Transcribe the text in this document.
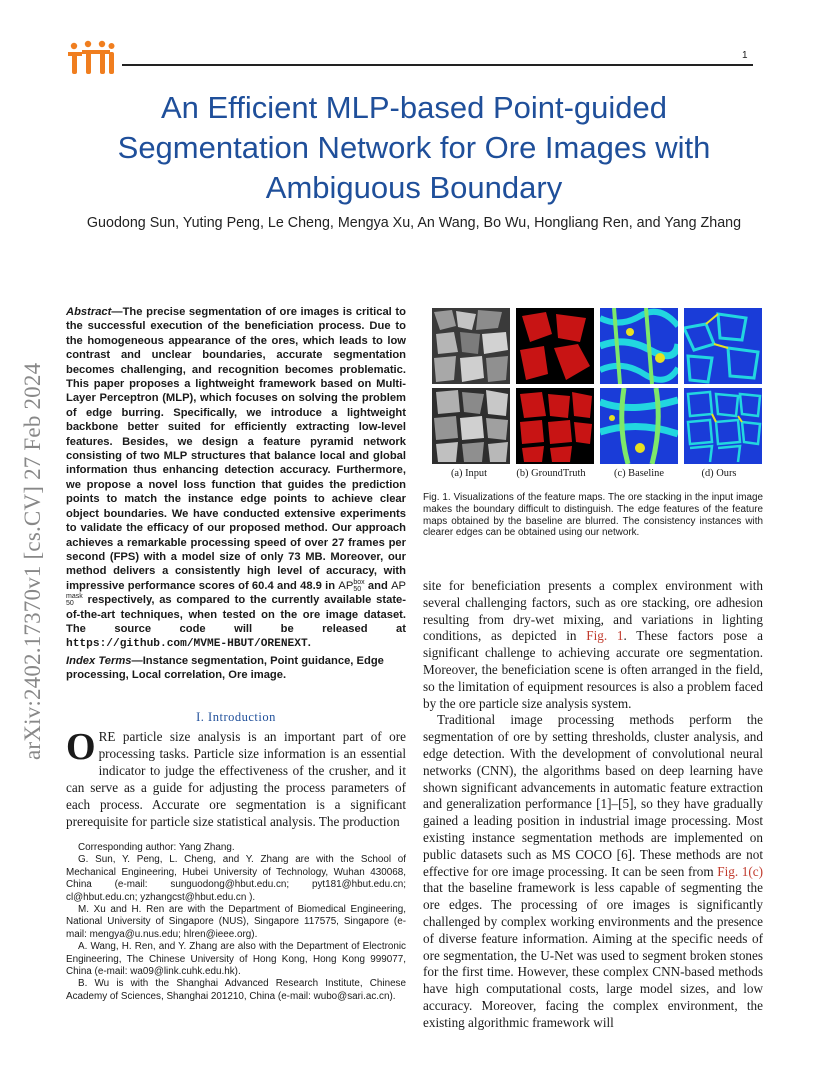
1
An Efficient MLP-based Point-guided Segmentation Network for Ore Images with Ambiguous Boundary
Guodong Sun, Yuting Peng, Le Cheng, Mengya Xu, An Wang, Bo Wu, Hongliang Ren, and Yang Zhang
arXiv:2402.17370v1 [cs.CV] 27 Feb 2024
Abstract—The precise segmentation of ore images is critical to the successful execution of the beneficiation process. Due to the homogeneous appearance of the ores, which leads to low contrast and unclear boundaries, accurate segmentation becomes challenging, and recognition becomes problematic. This paper proposes a lightweight framework based on Multi-Layer Perceptron (MLP), which focuses on solving the problem of edge burring. Specifically, we introduce a lightweight backbone better suited for efficiently extracting low-level features. Besides, we design a feature pyramid network consisting of two MLP structures that balance local and global information thus enhancing detection accuracy. Furthermore, we propose a novel loss function that guides the prediction points to match the instance edge points to achieve clear object boundaries. We have conducted extensive experiments to validate the efficacy of our proposed method. Our approach achieves a remarkable processing speed of over 27 frames per second (FPS) with a model size of only 73 MB. Moreover, our method delivers a consistently high level of accuracy, with impressive performance scores of 60.4 and 48.9 in AP box
50 and AP
mask
50 respectively, as compared to the currently available state-of-the-art techniques, when tested on the ore image dataset. The source code will be released at https://github.com/MVME-HBUT/ORENEXT.
Index Terms—Instance segmentation, Point guidance, Edge processing, Local correlation, Ore image.
I. Introduction
ORE particle size analysis is an important part of ore processing tasks. Particle size information is an essential indicator to judge the effectiveness of the crusher, and it can serve as a guide for adjusting the process parameters of each process. Accurate ore segmentation is a significant prerequisite for particle size statistical analysis. The production

Corresponding author: Yang Zhang.

G. Sun, Y. Peng, L. Cheng, and Y. Zhang are with the School of Mechanical Engineering, Hubei University of Technology, Wuhan 430068, China (e-mail: sunguodong@hbut.edu.cn; pyt181@hbut.edu.cn; cl@hbut.edu.cn; yzhangcst@hbut.edu.cn ).

M. Xu and H. Ren are with the Department of Biomedical Engineering, National University of Singapore (NUS), Singapore 117575, Singapore (e-mail: mengya@u.nus.edu; hlren@ieee.org).

A. Wang, H. Ren, and Y. Zhang are also with the Department of Electronic Engineering, The Chinese University of Hong Kong, Hong Kong 999077, China (e-mail: wa09@link.cuhk.edu.hk).

B. Wu is with the Shanghai Advanced Research Institute, Chinese Academy of Sciences, Shanghai 201210, China (e-mail: wubo@sari.ac.cn).

(a) Input	(b) GroundTruth	(c) Baseline	(d) Ours
Fig. 1. Visualizations of the feature maps. The ore stacking in the input image makes the boundary difficult to distinguish. The edge features of the feature maps obtained by the baseline are blurred. The consistency instances with clearer edges can be obtained using our network.

site for beneficiation presents a complex environment with several challenging factors, such as ore stacking, ore adhesion resulting from dry-wet mixing, and variations in lighting conditions, as depicted in Fig. 1. These factors pose a significant challenge to achieving accurate ore segmentation. Moreover, the beneficiation scene is often arranged in the field, so the limitation of equipment resources is also a problem faced by the ore particle size analysis system.

Traditional image processing methods perform the segmentation of ore by setting thresholds, cluster analysis, and edge detection. With the development of convolutional neural networks (CNN), the algorithms based on deep learning have shown significant advancements in automatic feature extraction and generalization performance [1]–[5], so they have gradually gained a leading position in industrial image processing. Most existing instance segmentation methods are implemented on public datasets such as MS COCO [6]. These methods are not effective for ore image processing. It can be seen from Fig. 1(c) that the baseline framework is less capable of segmenting the ore edges. The processing of ore images is significantly challenged by complex working environments and the presence of diverse feature information. Aiming at the specific needs of ore segmentation, the U-Net was used to segment broken stones for the first time. However, these complex CNN-based methods have high computational costs, large model sizes, and low accuracy. Moreover, facing the complex environment, the existing algorithmic framework will
